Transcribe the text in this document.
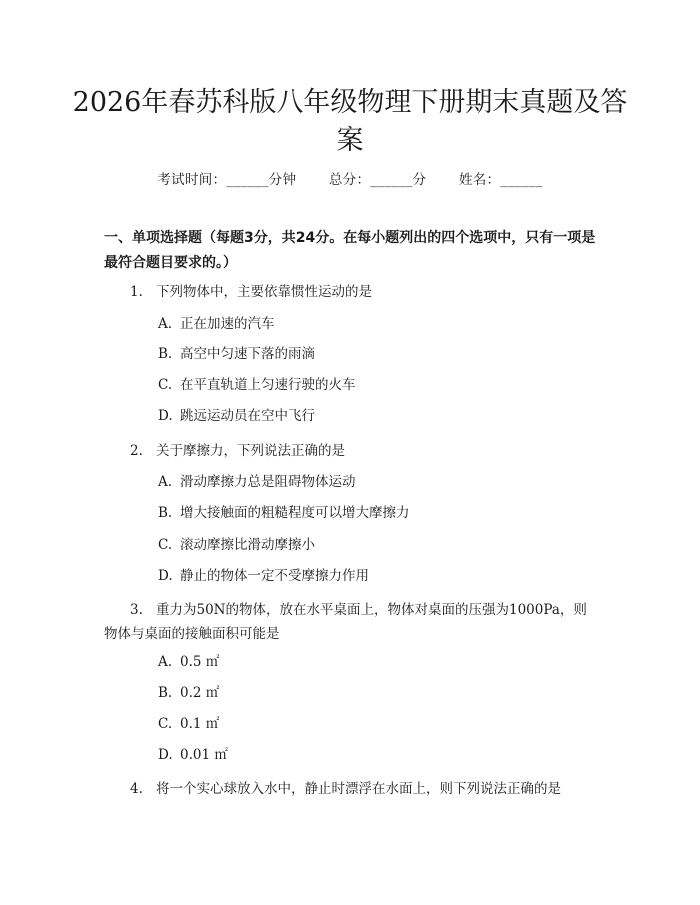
2026年春苏科版八年级物理下册期末真题及答案
考试时间：______分钟 总分：______分 姓名：______
一、单项选择题（每题3分，共24分。在每小题列出的四个选项中，只有一项是最符合题目要求的。）
1. 下列物体中，主要依靠惯性运动的是
A. 正在加速的汽车
B. 高空中匀速下落的雨滴
C. 在平直轨道上匀速行驶的火车
D. 跳远运动员在空中飞行
2. 关于摩擦力，下列说法正确的是
A. 滑动摩擦力总是阻碍物体运动
B. 增大接触面的粗糙程度可以增大摩擦力
C. 滚动摩擦比滑动摩擦小
D. 静止的物体一定不受摩擦力作用
3. 重力为50N的物体，放在水平桌面上，物体对桌面的压强为1000Pa，则
物体与桌面的接触面积可能是
A. 0.5 ㎡
B. 0.2 ㎡
C. 0.1 ㎡
D. 0.01 ㎡
4. 将一个实心球放入水中，静止时漂浮在水面上，则下列说法正确的是
